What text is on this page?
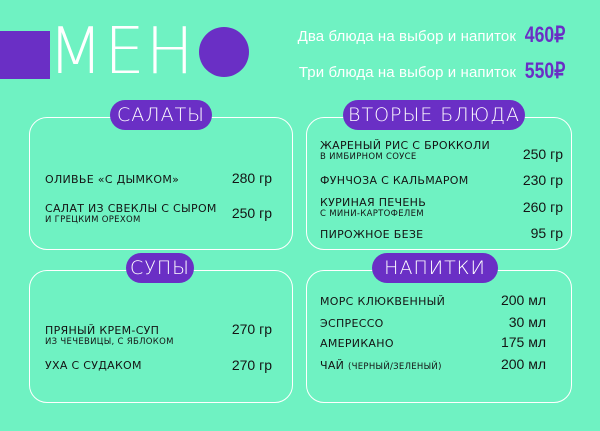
МЕН	Два блюда на выбор и напиток 460₽
Три блюда на выбор и напиток 550₽
САЛАТЫ
ОЛИВЬЕ «С ДЫМКОМ»	280 гр
САЛАТ ИЗ СВЕКЛЫ С СЫРОМ
И ГРЕЦКИМ ОРЕХОМ	250 гр
ВТОРЫЕ БЛЮДА
ЖАРЕНЫЙ РИС С БРОККОЛИ
В ИМБИРНОМ СОУСЕ	250 гр
ФУНЧОЗА С КАЛЬМАРОМ	230 гр
КУРИНАЯ ПЕЧЕНЬ
С МИНИ-КАРТОФЕЛЕМ	260 гр
ПИРОЖНОЕ БЕЗЕ	95 гр
СУПЫ
ПРЯНЫЙ КРЕМ-СУП
ИЗ ЧЕЧЕВИЦЫ, С ЯБЛОКОМ
270 гр
УХА С СУДАКОМ	270 гр
НАПИТКИ
МОРС КЛЮКВЕННЫЙ	200 мл
ЭСПРЕССО	30 мл
АМЕРИКАНО	175 мл
ЧАЙ (ЧЕРНЫЙ/ЗЕЛЕНЫЙ)	200 мл
